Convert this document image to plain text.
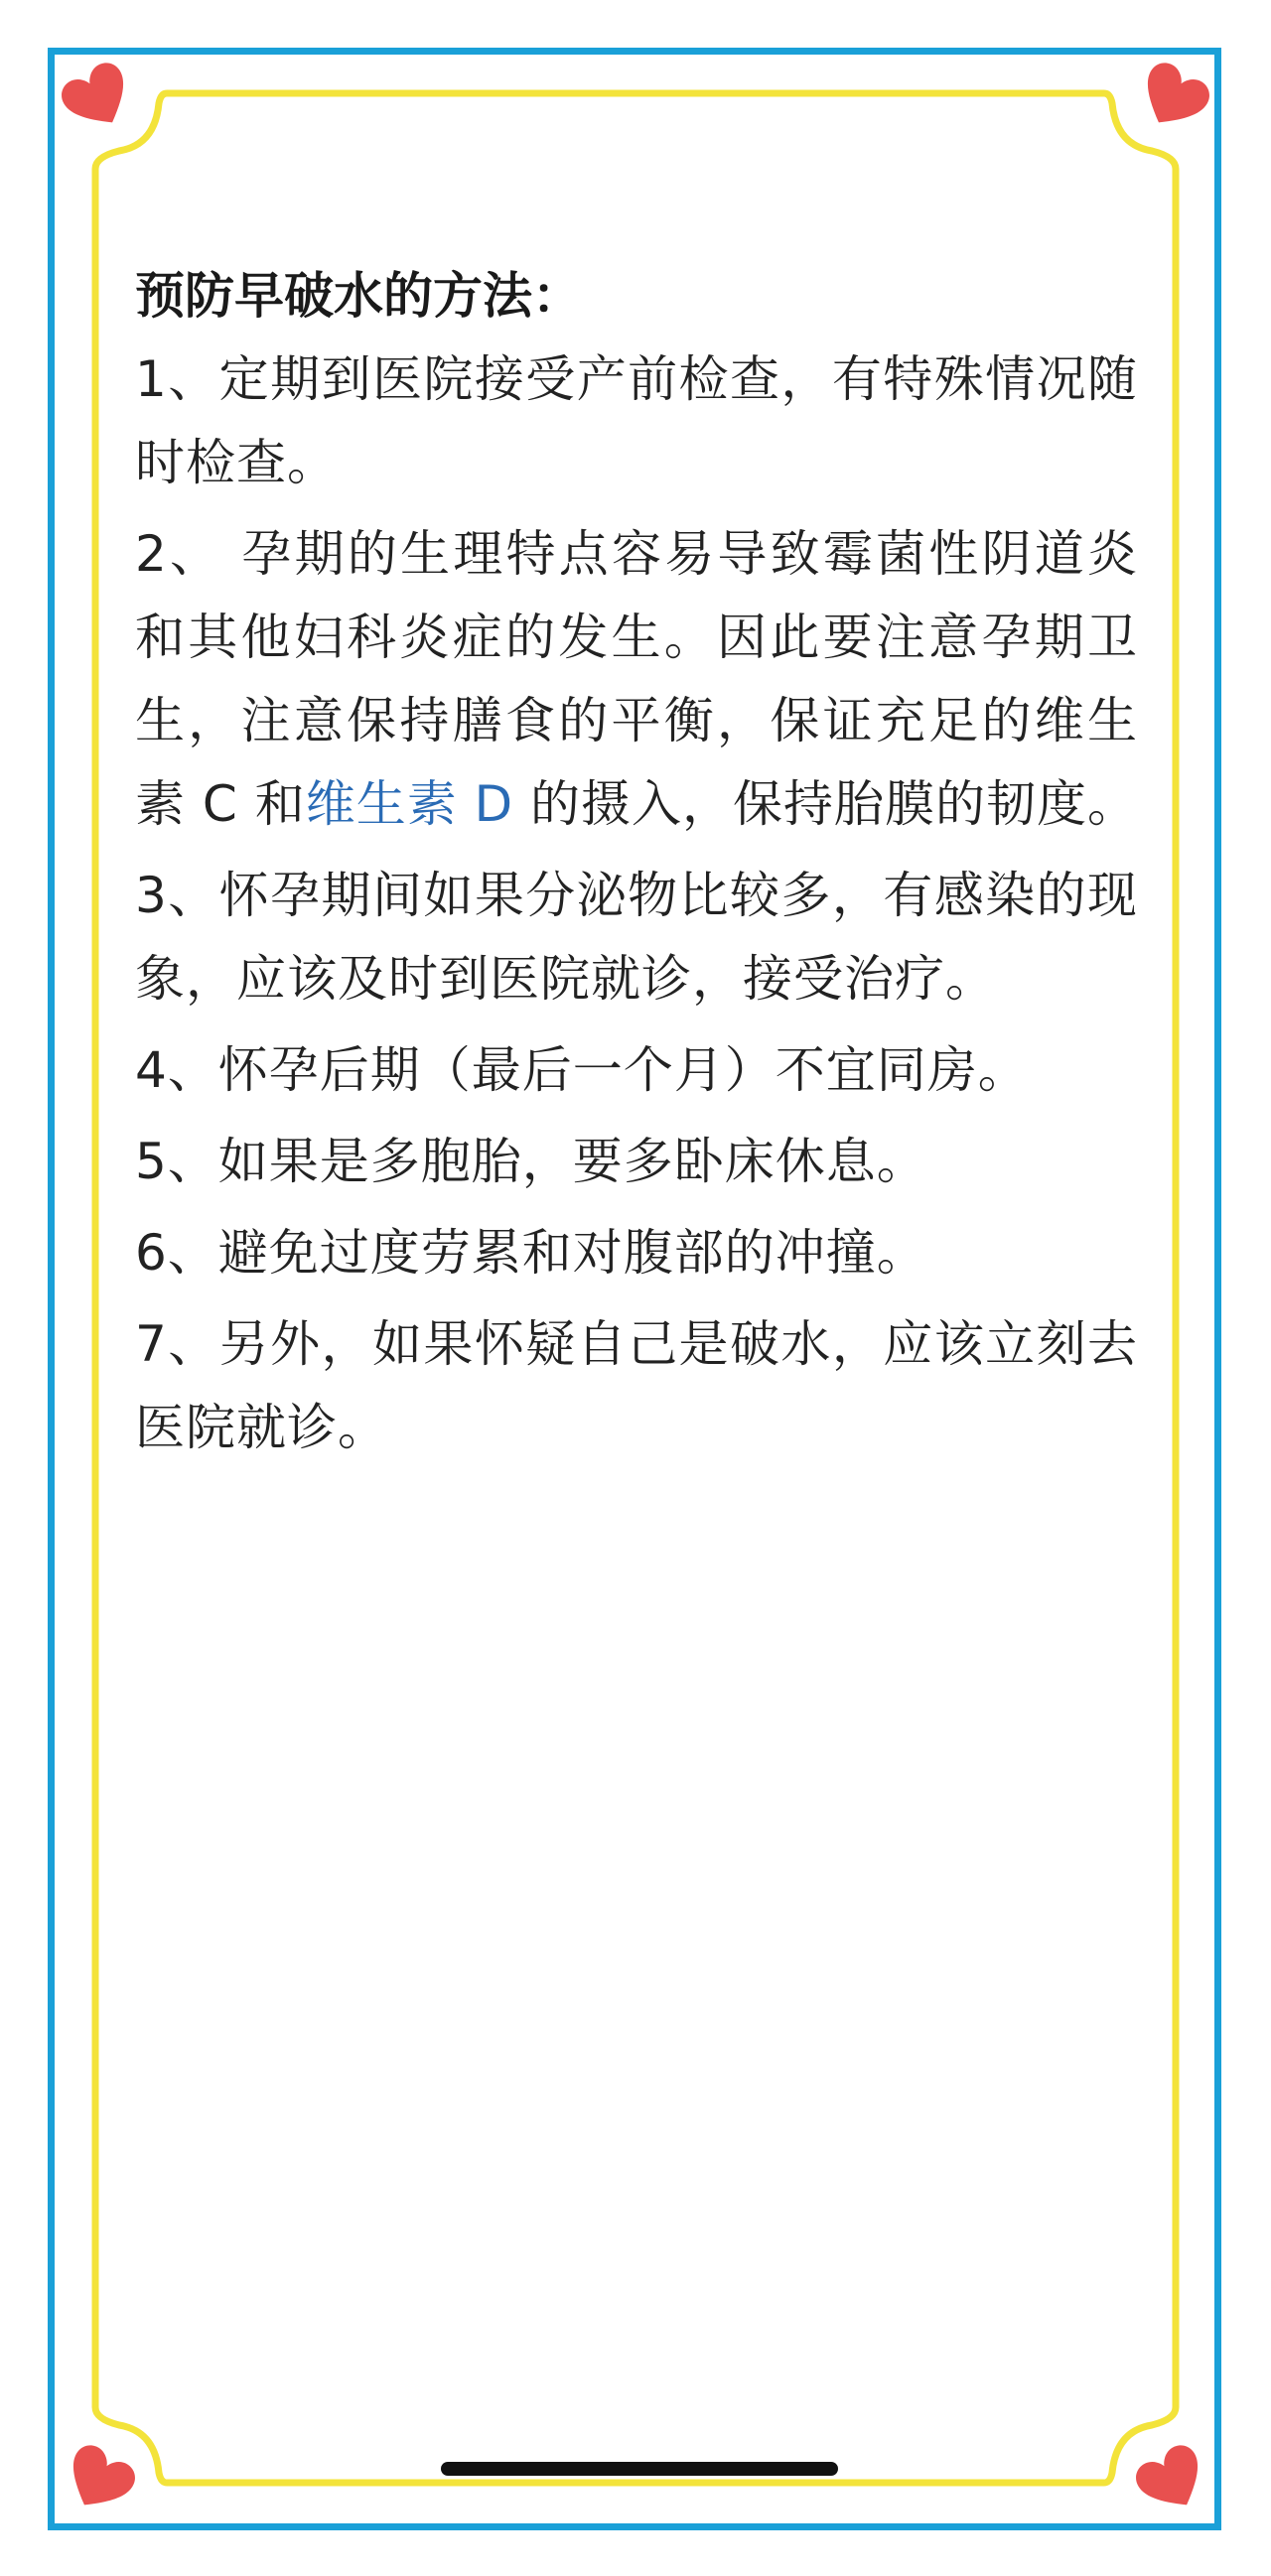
预防早破水的方法：

1、定期到医院接受产前检查，有特殊情况随时检查。

2、 孕期的生理特点容易导致霉菌性阴道炎和其他妇科炎症的发生。因此要注意孕期卫生，注意保持膳食的平衡，保证充足的维生素 C 和维生素 D 的摄入，保持胎膜的韧度。

3、怀孕期间如果分泌物比较多，有感染的现象，应该及时到医院就诊，接受治疗。

4、怀孕后期（最后一个月）不宜同房。

5、如果是多胞胎，要多卧床休息。

6、避免过度劳累和对腹部的冲撞。

7、另外，如果怀疑自己是破水，应该立刻去医院就诊。
